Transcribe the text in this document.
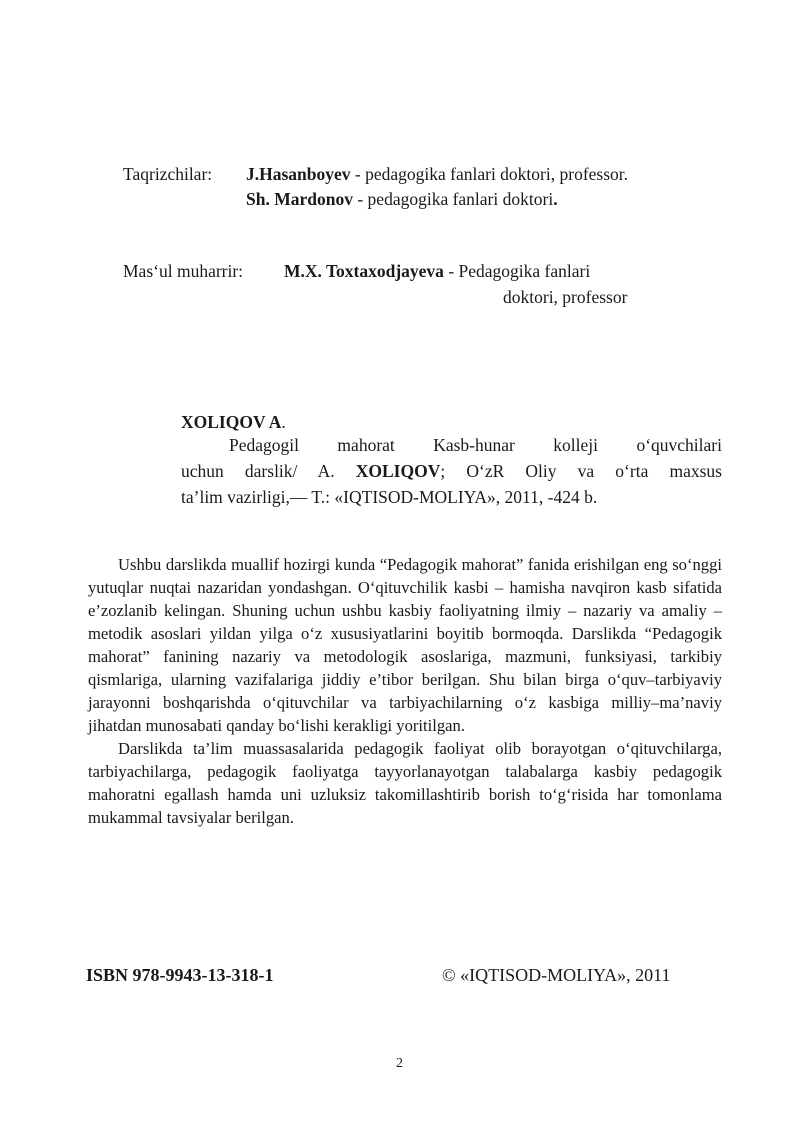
Taqrizchilar: J.Hasanboyev - pedagogika fanlari doktori, professor.
Sh. Mardonov - pedagogika fanlari doktori.
Mas‘ul muharrir: M.X. Toxtaxodjayeva - Pedagogika fanlari
doktori, professor
XOLIQOV A.

Pedagogil mahorat Kasb-hunar kolleji o‘quvchilari

uchun darslik/ A. XOLIQOV; O‘zR Oliy va o‘rta maxsus

ta’lim vazirligi,— T.: «IQTISOD-MOLIYA», 2011, -424 b.

Ushbu darslikda muallif hozirgi kunda “Pedagogik mahorat” fanida erishilgan eng so‘nggi yutuqlar nuqtai nazaridan yondashgan. O‘qituvchilik kasbi – hamisha navqiron kasb sifatida e’zozlanib kelingan. Shuning uchun ushbu kasbiy faoliyatning ilmiy – nazariy va amaliy – metodik asoslari yildan yilga o‘z xususiyatlarini boyitib bormoqda. Darslikda “Pedagogik mahorat” fanining nazariy va metodologik asoslariga, mazmuni, funksiyasi, tarkibiy qismlariga, ularning vazifalariga jiddiy e’tibor berilgan. Shu bilan birga o‘quv–tarbiyaviy jarayonni boshqarishda o‘qituvchilar va tarbiyachilarning o‘z kasbiga milliy–ma’naviy jihatdan munosabati qanday bo‘lishi kerakligi yoritilgan.

Darslikda ta’lim muassasalarida pedagogik faoliyat olib borayotgan o‘qituvchilarga, tarbiyachilarga, pedagogik faoliyatga tayyorlanayotgan talabalarga kasbiy pedagogik mahoratni egallash hamda uni uzluksiz takomillashtirib borish to‘g‘risida har tomonlama mukammal tavsiyalar berilgan.

ISBN 978-9943-13-318-1	© «IQTISOD-MOLIYA», 2011
2
